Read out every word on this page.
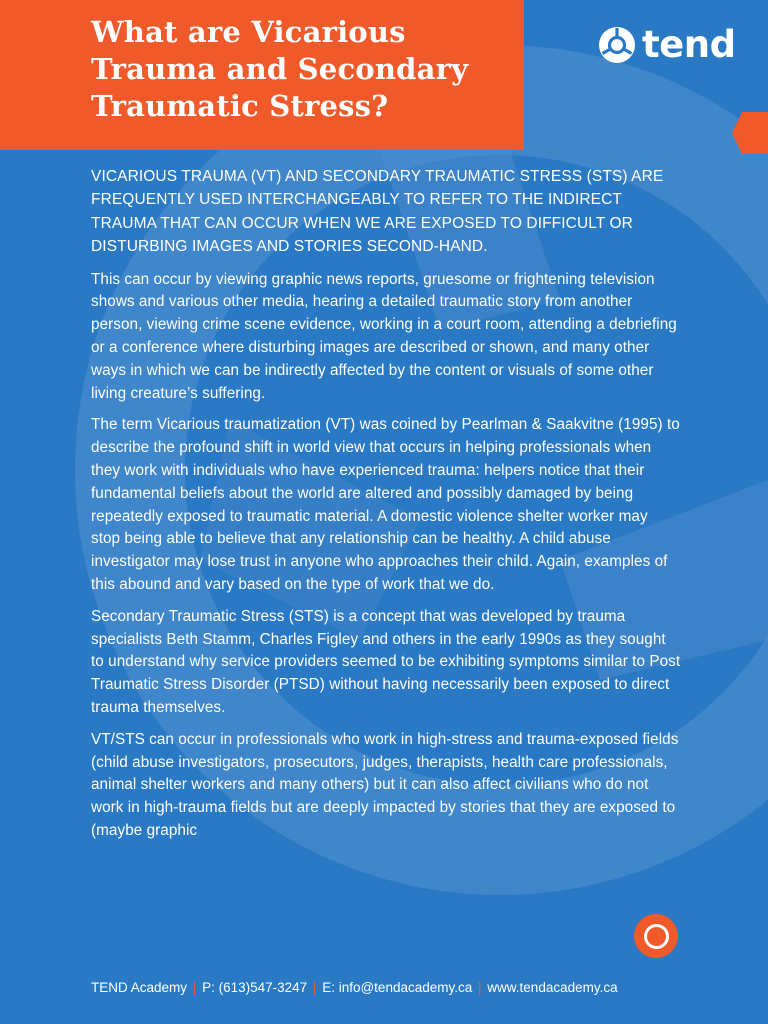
What are Vicarious Trauma and Secondary Traumatic Stress?
tend

VICARIOUS TRAUMA (VT) AND SECONDARY TRAUMATIC STRESS (STS) ARE FREQUENTLY USED INTERCHANGEABLY TO REFER TO THE INDIRECT TRAUMA THAT CAN OCCUR WHEN WE ARE EXPOSED TO DIFFICULT OR DISTURBING IMAGES AND STORIES SECOND-HAND.

This can occur by viewing graphic news reports, gruesome or frightening television shows and various other media, hearing a detailed traumatic story from another person, viewing crime scene evidence, working in a court room, attending a debriefing or a conference where disturbing images are described or shown, and many other ways in which we can be indirectly affected by the content or visuals of some other living creature’s suffering.

The term Vicarious traumatization (VT) was coined by Pearlman & Saakvitne (1995) to describe the profound shift in world view that occurs in helping professionals when they work with individuals who have experienced trauma: helpers notice that their fundamental beliefs about the world are altered and possibly damaged by being repeatedly exposed to traumatic material. A domestic violence shelter worker may stop being able to believe that any relationship can be healthy. A child abuse investigator may lose trust in anyone who approaches their child. Again, examples of this abound and vary based on the type of work that we do.

Secondary Traumatic Stress (STS) is a concept that was developed by trauma specialists Beth Stamm, Charles Figley and others in the early 1990s as they sought to understand why service providers seemed to be exhibiting symptoms similar to Post Traumatic Stress Disorder (PTSD) without having necessarily been exposed to direct trauma themselves.

VT/STS can occur in professionals who work in high-stress and trauma-exposed fields (child abuse investigators, prosecutors, judges, therapists, health care professionals, animal shelter workers and many others) but it can also affect civilians who do not work in high-trauma fields but are deeply impacted by stories that they are exposed to (maybe graphic

TEND Academy | P: (613)547-3247 | E: info@tendacademy.ca | www.tendacademy.ca
